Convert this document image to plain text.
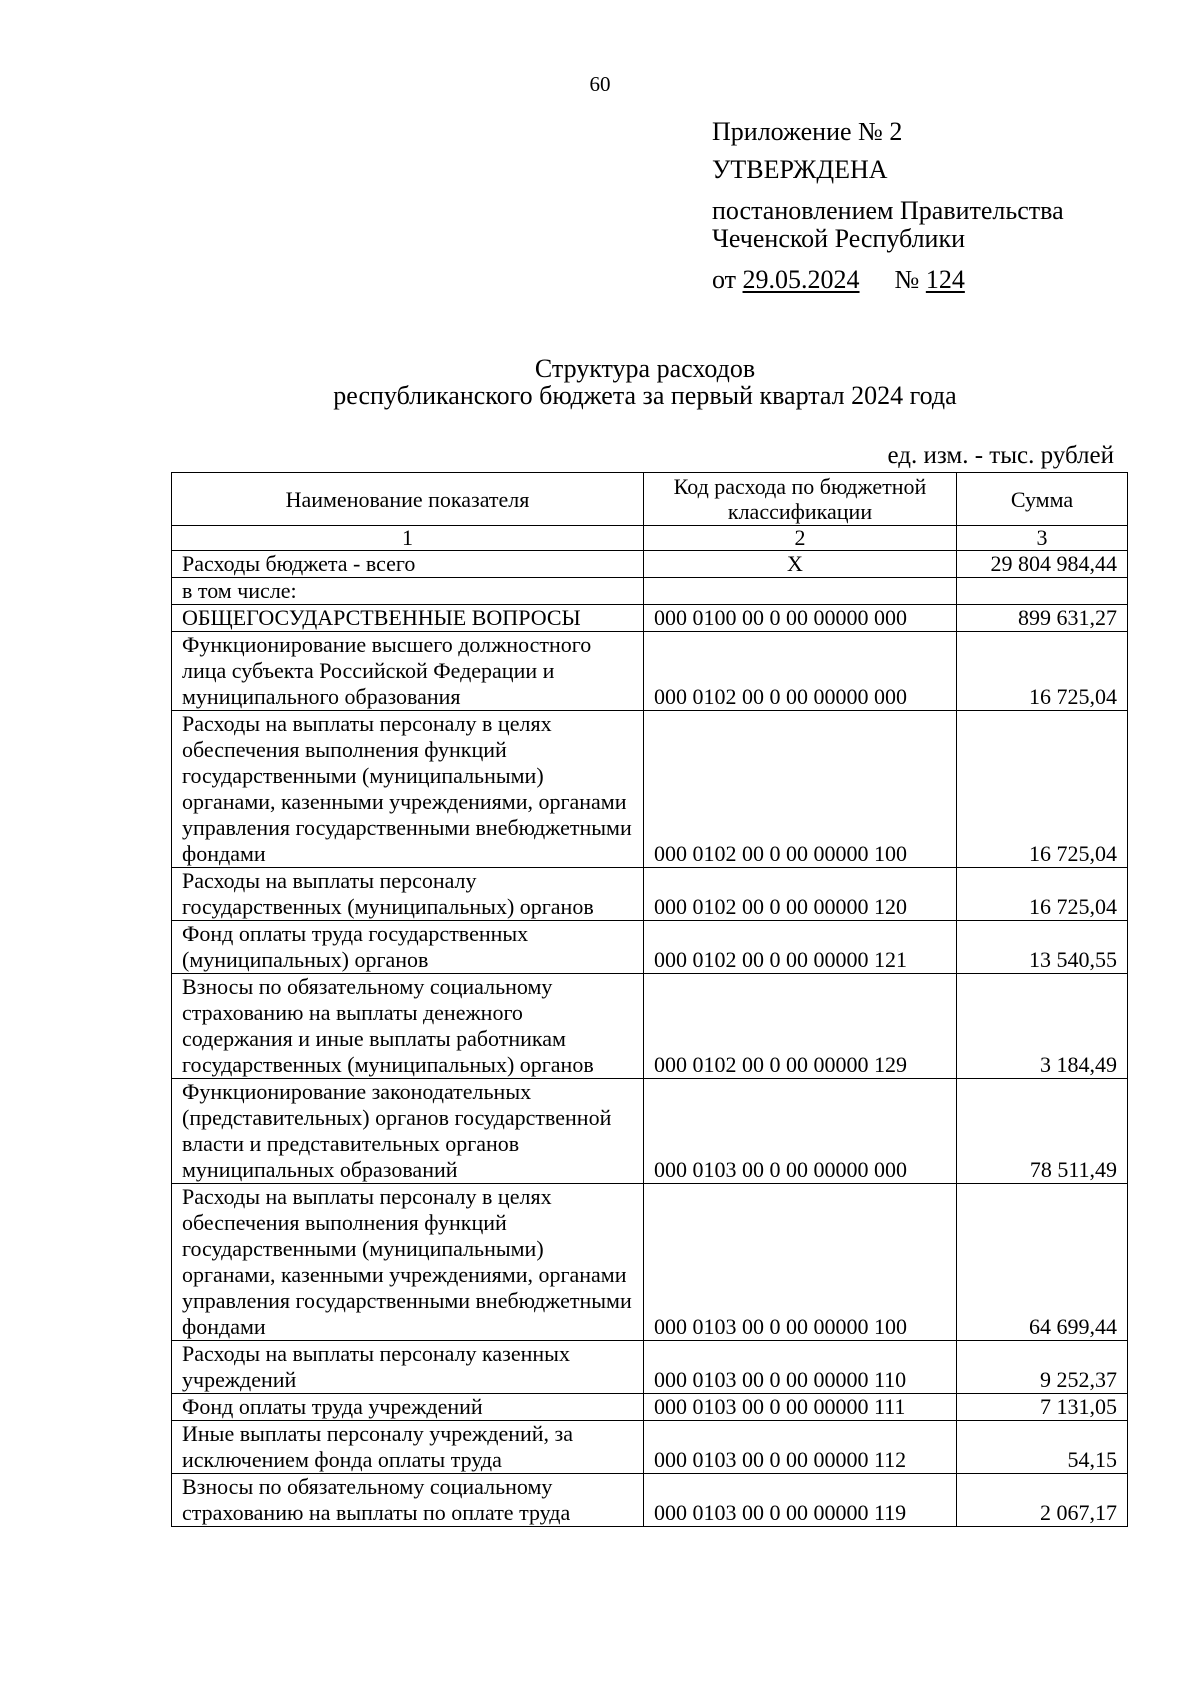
60
Приложение № 2
УТВЕРЖДЕНА
постановлением Правительства
Чеченской Республики
от 29.05.2024 № 124
Структура расходов
республиканского бюджета за первый квартал 2024 года
ед. изм. - тыс. рублей
Наименование показателя	Код расхода по бюджетной классификации	Сумма
1	2	3
Расходы бюджета - всего	X	29 804 984,44
в том числе:		
ОБЩЕГОСУДАРСТВЕННЫЕ ВОПРОСЫ	000 0100 00 0 00 00000 000	899 631,27
Функционирование высшего должностного лица субъекта Российской Федерации и муниципального образования	000 0102 00 0 00 00000 000	16 725,04
Расходы на выплаты персоналу в целях обеспечения выполнения функций государственными (муниципальными) органами, казенными учреждениями, органами управления государственными внебюджетными фондами	000 0102 00 0 00 00000 100	16 725,04
Расходы на выплаты персоналу государственных (муниципальных) органов	000 0102 00 0 00 00000 120	16 725,04
Фонд оплаты труда государственных (муниципальных) органов	000 0102 00 0 00 00000 121	13 540,55
Взносы по обязательному социальному страхованию на выплаты денежного содержания и иные выплаты работникам государственных (муниципальных) органов	000 0102 00 0 00 00000 129	3 184,49
Функционирование законодательных (представительных) органов государственной власти и представительных органов муниципальных образований	000 0103 00 0 00 00000 000	78 511,49
Расходы на выплаты персоналу в целях обеспечения выполнения функций государственными (муниципальными) органами, казенными учреждениями, органами управления государственными внебюджетными фондами	000 0103 00 0 00 00000 100	64 699,44
Расходы на выплаты персоналу казенных учреждений	000 0103 00 0 00 00000 110	9 252,37
Фонд оплаты труда учреждений	000 0103 00 0 00 00000 111	7 131,05
Иные выплаты персоналу учреждений, за исключением фонда оплаты труда	000 0103 00 0 00 00000 112	54,15
Взносы по обязательному социальному страхованию на выплаты по оплате труда	000 0103 00 0 00 00000 119	2 067,17
